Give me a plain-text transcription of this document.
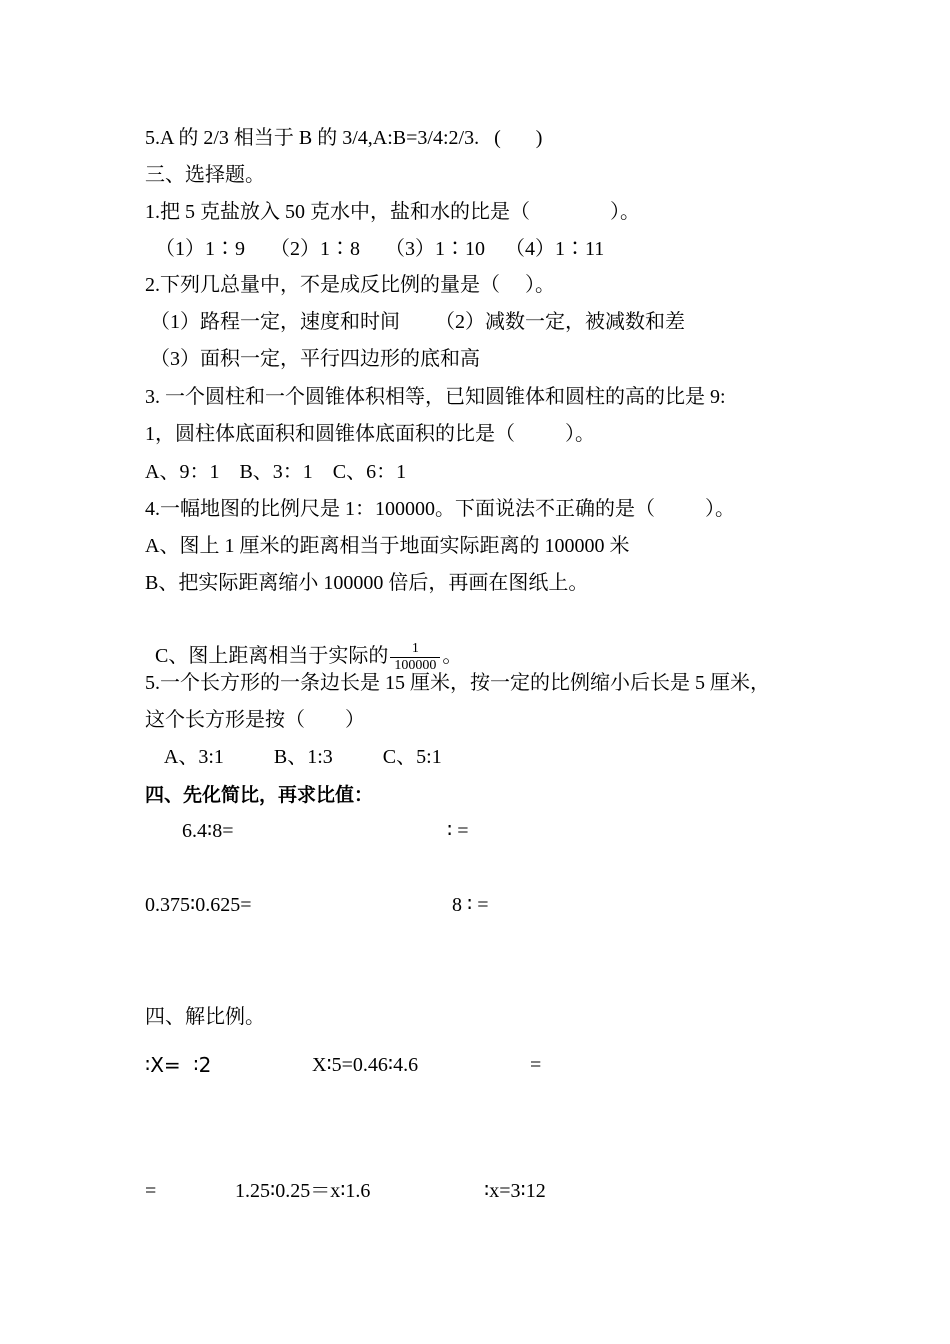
5.A 的 2/3 相当于 B 的 3/4,A:B=3/4:2/3.   (       )
三、选择题。
1.把 5 克盐放入 50 克水中，盐和水的比是（                ）。
（1）1∶9     （2）1∶8     （3）1∶10    （4）1∶11
2.下列几总量中，不是成反比例的量是（     ）。
（1）路程一定，速度和时间       （2）减数一定，被减数和差
（3）面积一定，平行四边形的底和高
3. 一个圆柱和一个圆锥体积相等，已知圆锥体和圆柱的高的比是 9:
1，圆柱体底面积和圆锥体底面积的比是（          ）。
A、9：1    B、3：1    C、6：1
4.一幅地图的比例尺是 1：100000。下面说法不正确的是（          ）。
A、图上 1 厘米的距离相当于地面实际距离的 100000 米
B、把实际距离缩小 100000 倍后，再画在图纸上。

C、图上距离相当于实际的 $\frac{1}{100000}$ 。

5.一个长方形的一条边长是 15 厘米，按一定的比例缩小后长是 5 厘米，
这个长方形是按（        ）
A、3:1          B、1:3          C、5:1
四、先化简比，再求比值：
6.4∶8=	∶ =
0.375∶0.625=	8 ∶ =
四、解比例。
∶X=  ∶2	X∶5=0.46∶4.6	=
=	1.25∶0.25＝x∶1.6	∶x=3∶12
